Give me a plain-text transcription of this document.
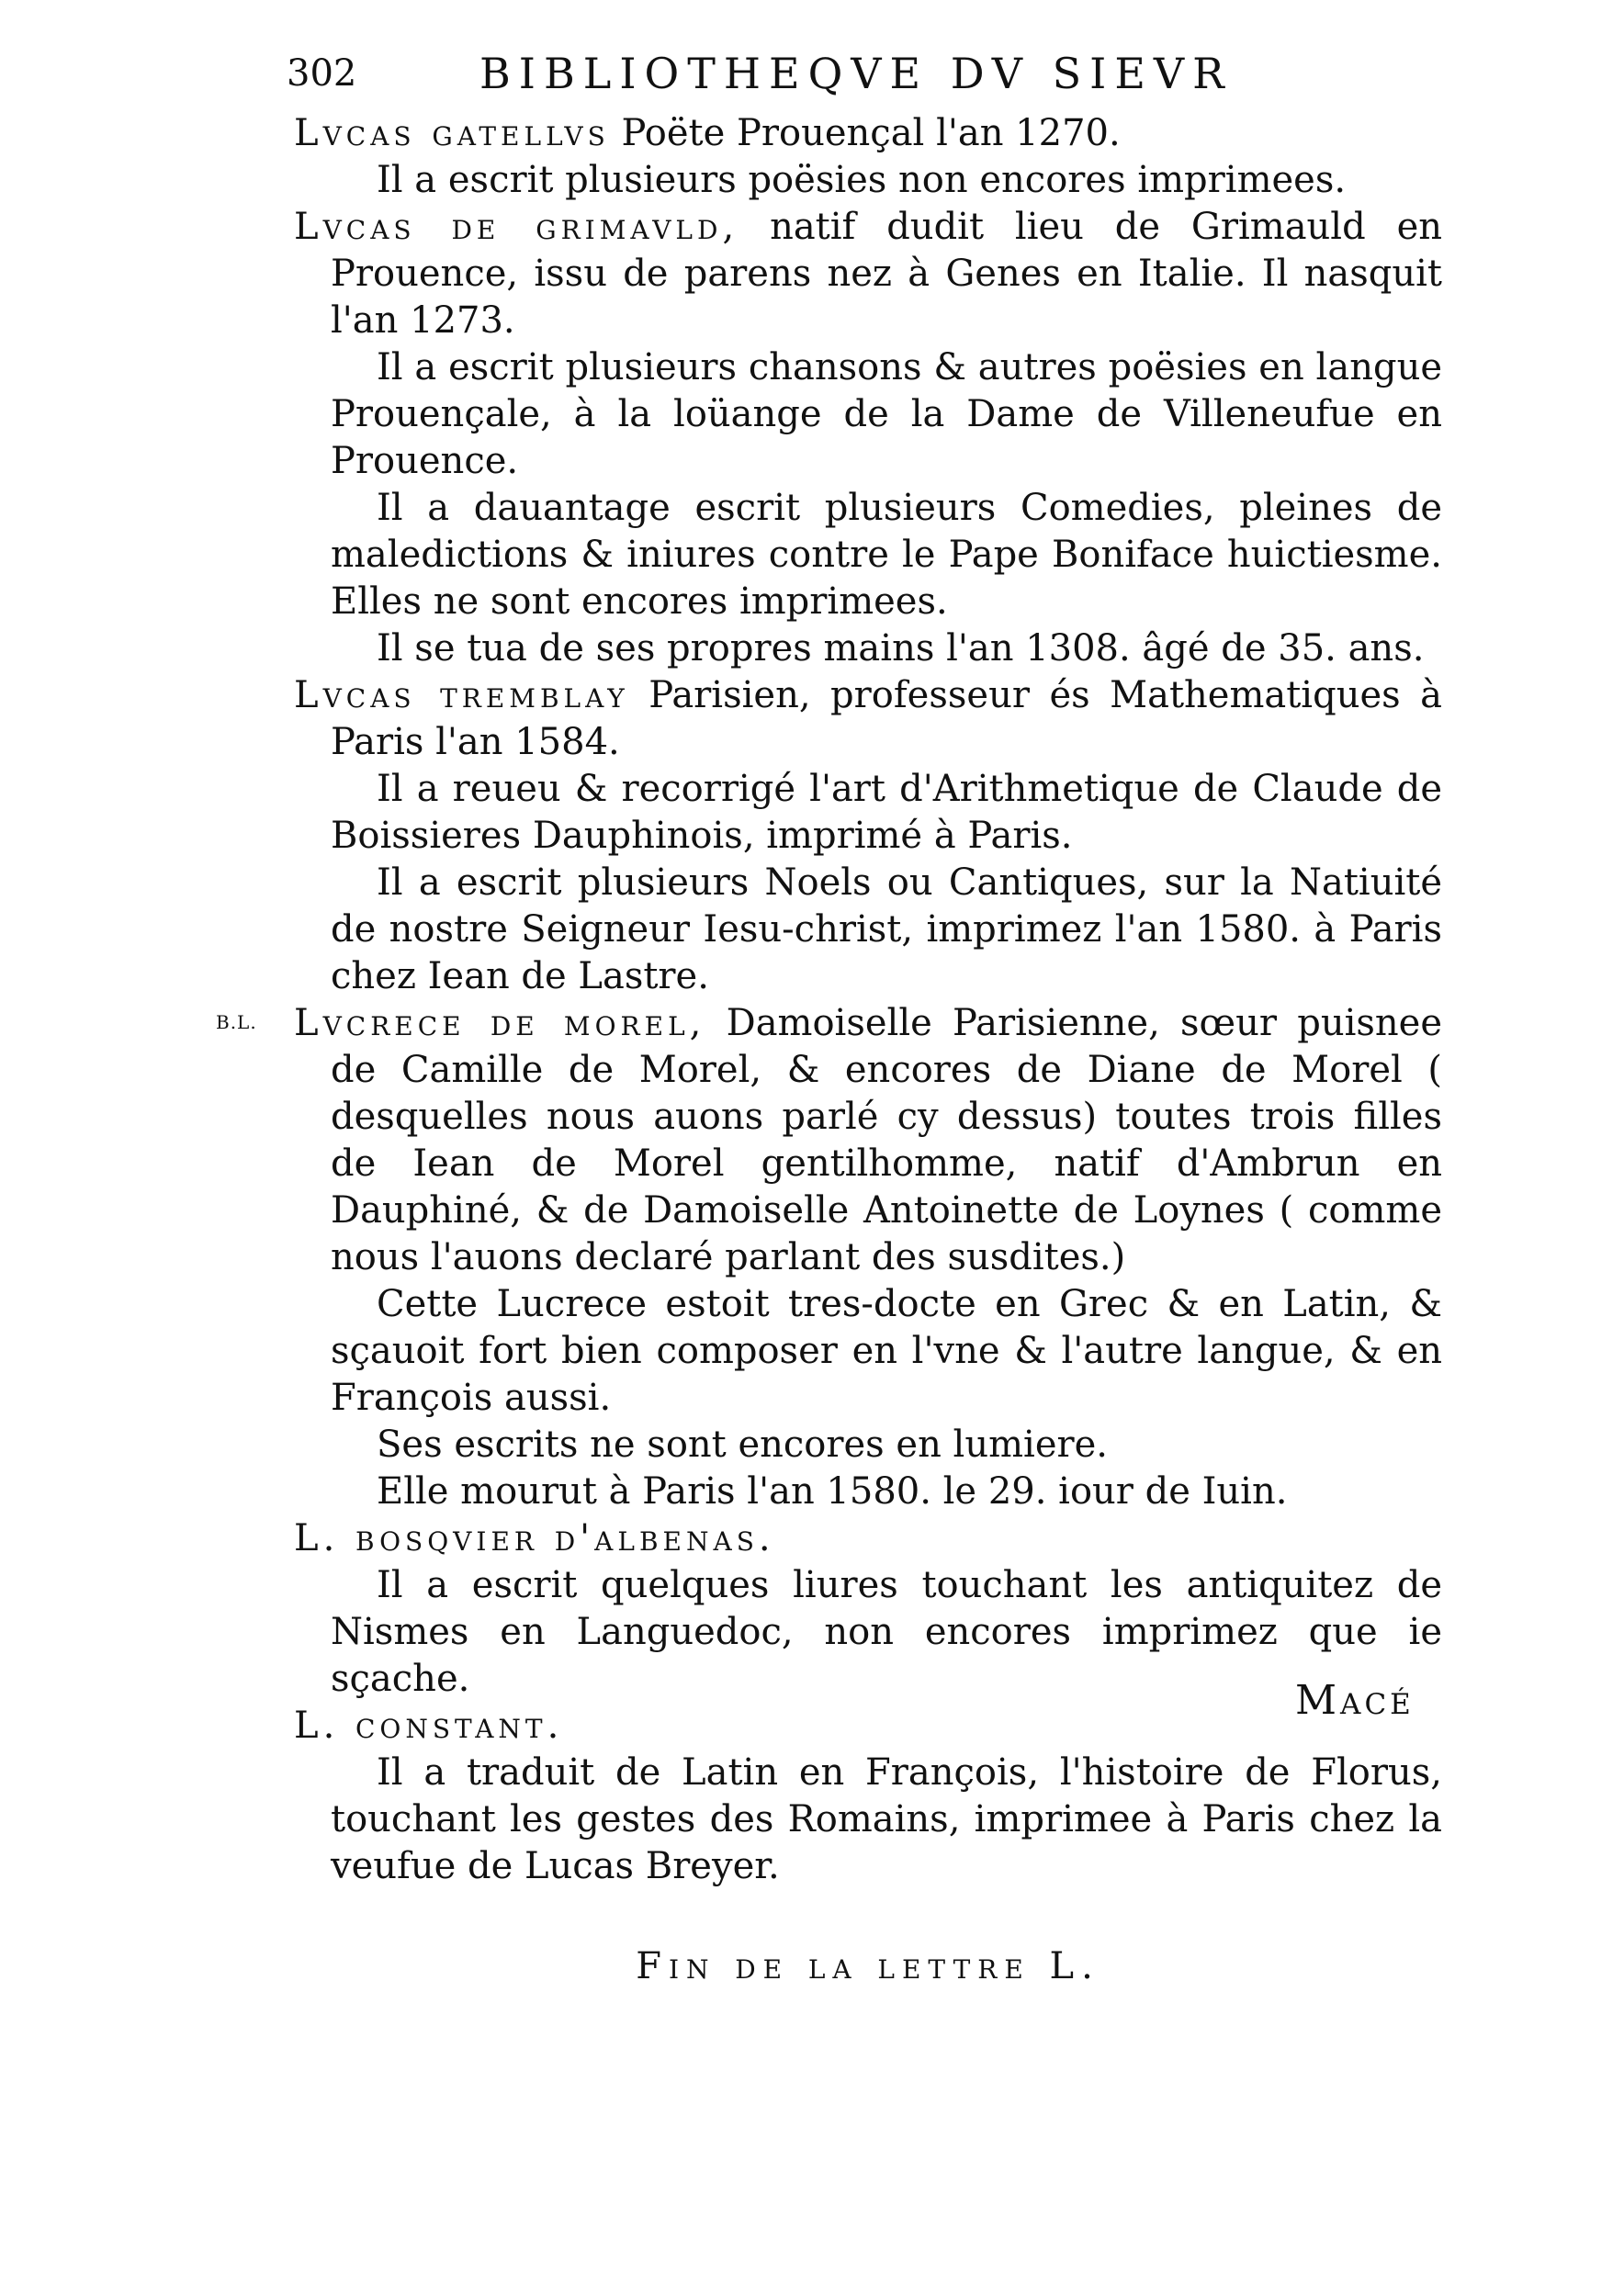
302	BIBLIOTHEQVE DV SIEVR

Lvcas gatellvs Poëte Prouençal l'an 1270.

Il a escrit plusieurs poësies non encores imprimees.

Lvcas de grimavld, natif dudit lieu de Grimauld en Prouence, issu de parens nez à Genes en Italie. Il nasquit l'an 1273.

Il a escrit plusieurs chansons & autres poësies en langue Prouençale, à la loüange de la Dame de Villeneufue en Prouence.

Il a dauantage escrit plusieurs Comedies, pleines de maledictions & iniures contre le Pape Boniface huictiesme. Elles ne sont encores imprimees.

Il se tua de ses propres mains l'an 1308. âgé de 35. ans.

Lvcas tremblay Parisien, professeur és Mathematiques à Paris l'an 1584.

Il a reueu & recorrigé l'art d'Arithmetique de Claude de Boissieres Dauphinois, imprimé à Paris.

Il a escrit plusieurs Noels ou Cantiques, sur la Natiuité de nostre Seigneur Iesu-christ, imprimez l'an 1580. à Paris chez Iean de Lastre.

B.L. Lvcrece de morel, Damoiselle Parisienne, sœur puisnee de Camille de Morel, & encores de Diane de Morel ( desquelles nous auons parlé cy dessus) toutes trois filles de Iean de Morel gentilhomme, natif d'Ambrun en Dauphiné, & de Damoiselle Antoinette de Loynes ( comme nous l'auons declaré parlant des susdites.)

Cette Lucrece estoit tres-docte en Grec & en Latin, & sçauoit fort bien composer en l'vne & l'autre langue, & en François aussi.

Ses escrits ne sont encores en lumiere.

Elle mourut à Paris l'an 1580. le 29. iour de Iuin.

L. bosqvier d'albenas.

Il a escrit quelques liures touchant les antiquitez de Nismes en Languedoc, non encores imprimez que ie sçache.

L. constant.

Il a traduit de Latin en François, l'histoire de Florus, touchant les gestes des Romains, imprimee à Paris chez la veufue de Lucas Breyer.

Fin de la lettre L.

Macé
